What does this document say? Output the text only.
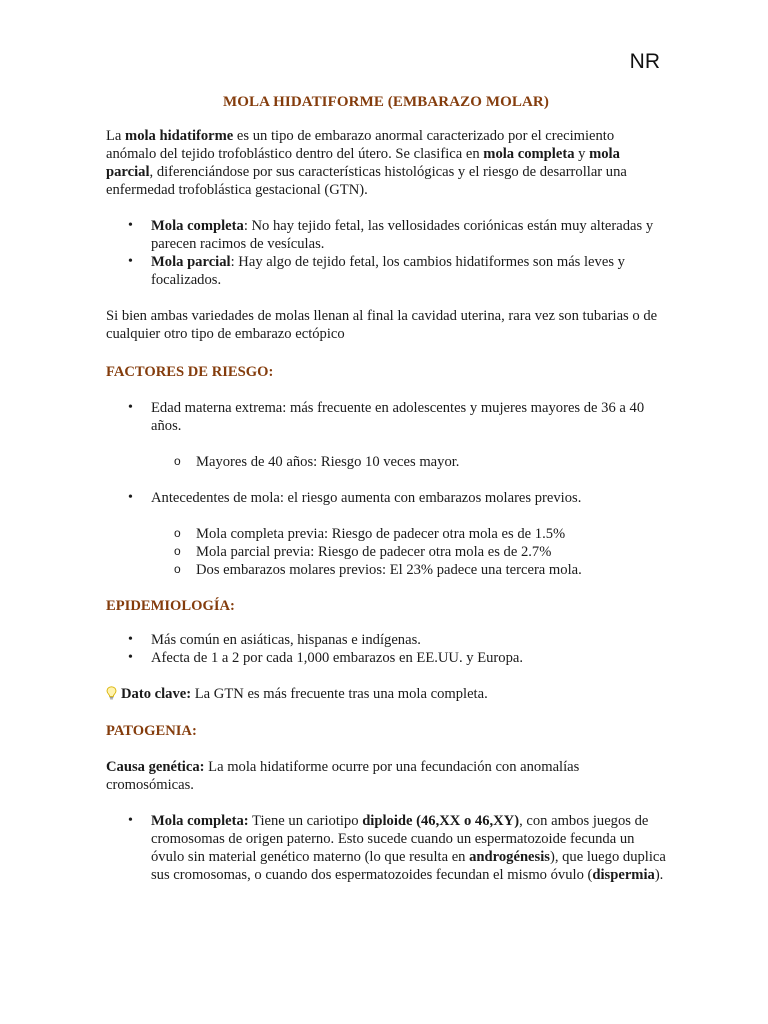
NR
MOLA HIDATIFORME (EMBARAZO MOLAR)

La mola hidatiforme es un tipo de embarazo anormal caracterizado por el crecimiento anómalo del tejido trofoblástico dentro del útero. Se clasifica en mola completa y mola parcial, diferenciándose por sus características histológicas y el riesgo de desarrollar una enfermedad trofoblástica gestacional (GTN).

• Mola completa: No hay tejido fetal, las vellosidades coriónicas están muy alteradas y parecen racimos de vesículas.
• Mola parcial: Hay algo de tejido fetal, los cambios hidatiformes son más leves y focalizados.

Si bien ambas variedades de molas llenan al final la cavidad uterina, rara vez son tubarias o de cualquier otro tipo de embarazo ectópico

FACTORES DE RIESGO:
• Edad materna extrema: más frecuente en adolescentes y mujeres mayores de 36 a 40 años.
o Mayores de 40 años: Riesgo 10 veces mayor.
• Antecedentes de mola: el riesgo aumenta con embarazos molares previos.
o Mola completa previa: Riesgo de padecer otra mola es de 1.5%
o Mola parcial previa: Riesgo de padecer otra mola es de 2.7%
o Dos embarazos molares previos: El 23% padece una tercera mola.
EPIDEMIOLOGÍA:
• Más común en asiáticas, hispanas e indígenas.
• Afecta de 1 a 2 por cada 1,000 embarazos en EE.UU. y Europa.

Dato clave: La GTN es más frecuente tras una mola completa.

PATOGENIA:

Causa genética: La mola hidatiforme ocurre por una fecundación con anomalías cromosómicas.

• Mola completa: Tiene un cariotipo diploide (46,XX o 46,XY), con ambos juegos de cromosomas de origen paterno. Esto sucede cuando un espermatozoide fecunda un óvulo sin material genético materno (lo que resulta en androgénesis), que luego duplica sus cromosomas, o cuando dos espermatozoides fecundan el mismo óvulo (dispermia).
